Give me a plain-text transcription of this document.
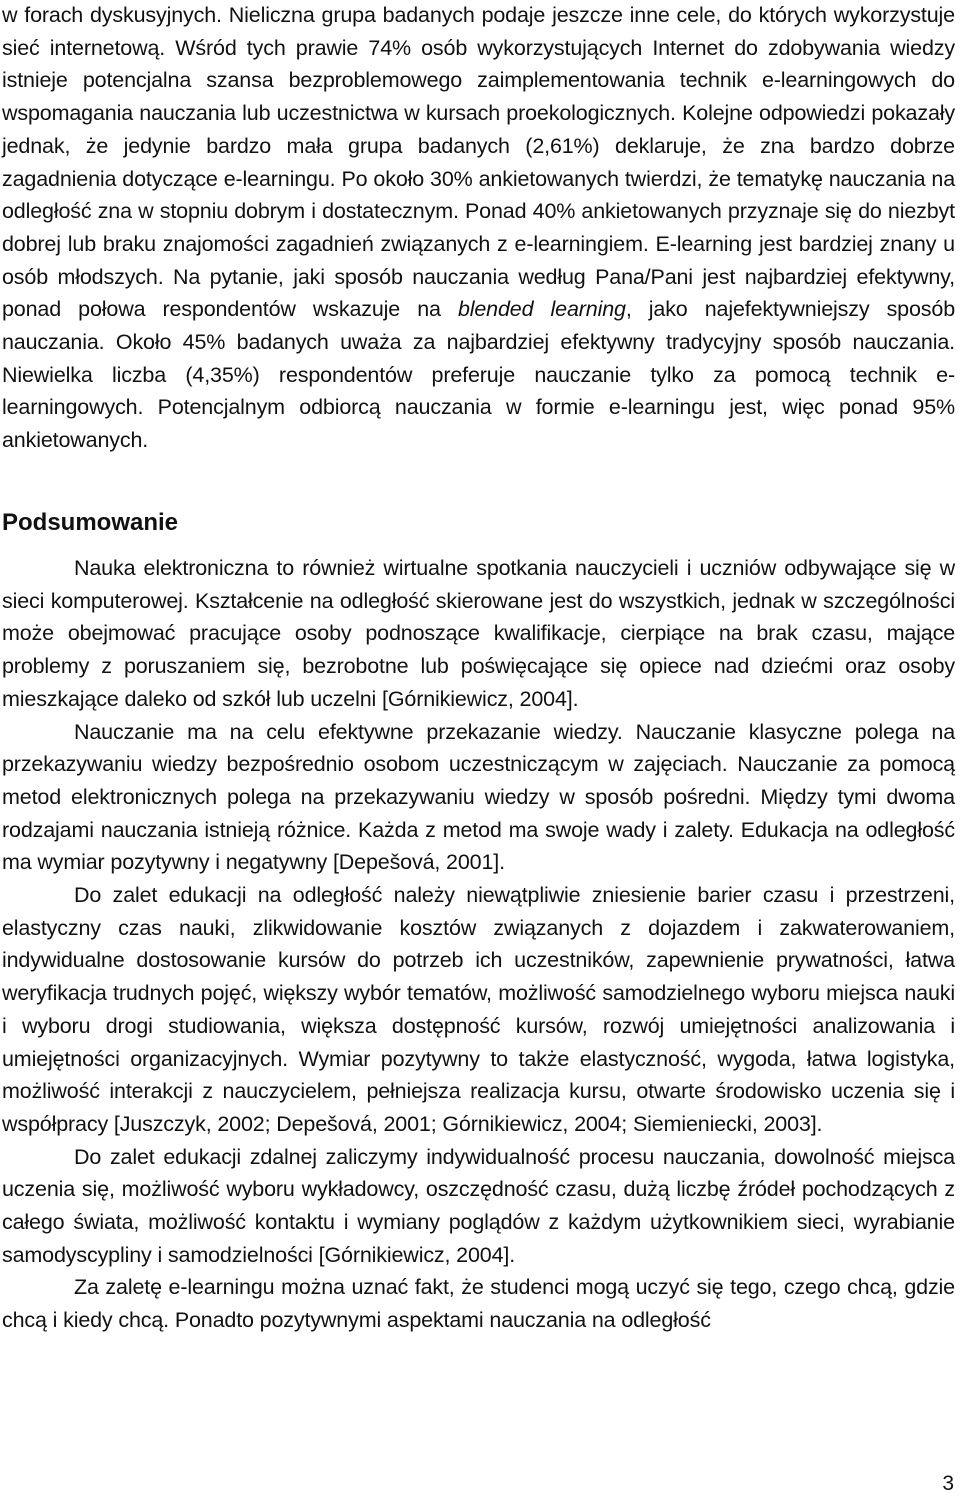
w forach dyskusyjnych. Nieliczna grupa badanych podaje jeszcze inne cele, do których wykorzystuje sieć internetową. Wśród tych prawie 74% osób wykorzystujących Internet do zdobywania wiedzy istnieje potencjalna szansa bezproblemowego zaimplementowania technik e-learningowych do wspomagania nauczania lub uczestnictwa w kursach proekologicznych. Kolejne odpowiedzi pokazały jednak, że jedynie bardzo mała grupa badanych (2,61%) deklaruje, że zna bardzo dobrze zagadnienia dotyczące e-learningu. Po około 30% ankietowanych twierdzi, że tematykę nauczania na odległość zna w stopniu dobrym i dostatecznym. Ponad 40% ankietowanych przyznaje się do niezbyt dobrej lub braku znajomości zagadnień związanych z e-learningiem. E-learning jest bardziej znany u osób młodszych. Na pytanie, jaki sposób nauczania według Pana/Pani jest najbardziej efektywny, ponad połowa respondentów wskazuje na blended learning, jako najefektywniejszy sposób nauczania. Około 45% badanych uważa za najbardziej efektywny tradycyjny sposób nauczania. Niewielka liczba (4,35%) respondentów preferuje nauczanie tylko za pomocą technik e-learningowych. Potencjalnym odbiorcą nauczania w formie e-learningu jest, więc ponad 95% ankietowanych.

Podsumowanie

Nauka elektroniczna to również wirtualne spotkania nauczycieli i uczniów odbywające się w sieci komputerowej. Kształcenie na odległość skierowane jest do wszystkich, jednak w szczególności może obejmować pracujące osoby podnoszące kwalifikacje, cierpiące na brak czasu, mające problemy z poruszaniem się, bezrobotne lub poświęcające się opiece nad dziećmi oraz osoby mieszkające daleko od szkół lub uczelni [Górnikiewicz, 2004].

Nauczanie ma na celu efektywne przekazanie wiedzy. Nauczanie klasyczne polega na przekazywaniu wiedzy bezpośrednio osobom uczestniczącym w zajęciach. Nauczanie za pomocą metod elektronicznych polega na przekazywaniu wiedzy w sposób pośredni. Między tymi dwoma rodzajami nauczania istnieją różnice. Każda z metod ma swoje wady i zalety. Edukacja na odległość ma wymiar pozytywny i negatywny [Depešová, 2001].

Do zalet edukacji na odległość należy niewątpliwie zniesienie barier czasu i przestrzeni, elastyczny czas nauki, zlikwidowanie kosztów związanych z dojazdem i zakwaterowaniem, indywidualne dostosowanie kursów do potrzeb ich uczestników, zapewnienie prywatności, łatwa weryfikacja trudnych pojęć, większy wybór tematów, możliwość samodzielnego wyboru miejsca nauki i wyboru drogi studiowania, większa dostępność kursów, rozwój umiejętności analizowania i umiejętności organizacyjnych. Wymiar pozytywny to także elastyczność, wygoda, łatwa logistyka, możliwość interakcji z nauczycielem, pełniejsza realizacja kursu, otwarte środowisko uczenia się i współpracy [Juszczyk, 2002; Depešová, 2001; Górnikiewicz, 2004; Siemieniecki, 2003].

Do zalet edukacji zdalnej zaliczymy indywidualność procesu nauczania, dowolność miejsca uczenia się, możliwość wyboru wykładowcy, oszczędność czasu, dużą liczbę źródeł pochodzących z całego świata, możliwość kontaktu i wymiany poglądów z każdym użytkownikiem sieci, wyrabianie samodyscypliny i samodzielności [Górnikiewicz, 2004].

Za zaletę e-learningu można uznać fakt, że studenci mogą uczyć się tego, czego chcą, gdzie chcą i kiedy chcą. Ponadto pozytywnymi aspektami nauczania na odległość

3
